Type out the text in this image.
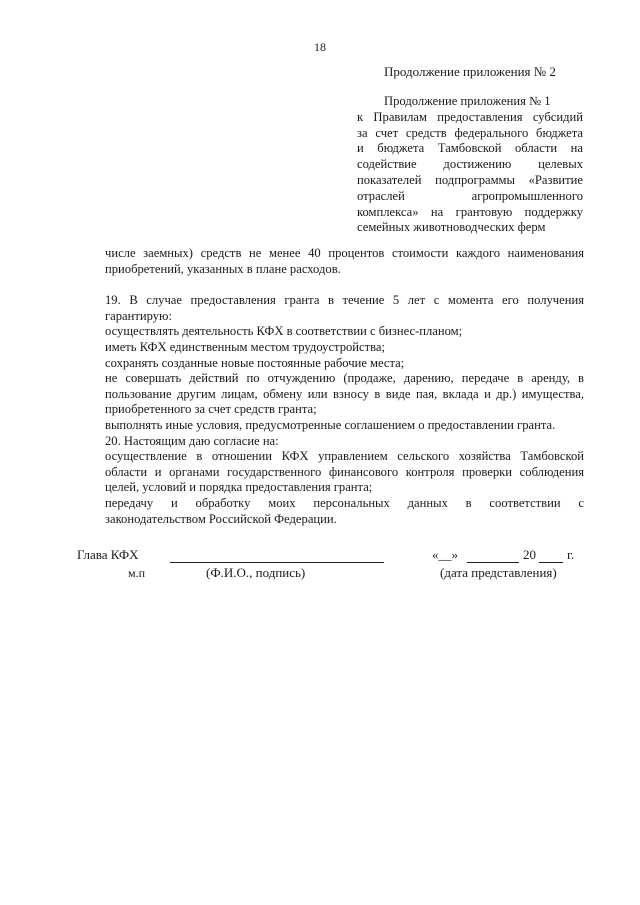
18
Продолжение приложения № 2
Продолжение приложения № 1
к Правилам предоставления субсидий
за счет средств федерального бюджета
и бюджета Тамбовской области на
содействие достижению целевых
показателей подпрограммы «Развитие
отраслей агропромышленного
комплекса» на грантовую поддержку
семейных животноводческих ферм
числе заемных) средств не менее 40 процентов стоимости каждого наименования
приобретений, указанных в плане расходов.
19. В случае предоставления гранта в течение 5 лет с момента его получения
гарантирую:
осуществлять деятельность КФХ в соответствии с бизнес-планом;
иметь КФХ единственным местом трудоустройства;
сохранять созданные новые постоянные рабочие места;
не совершать действий по отчуждению (продаже, дарению, передаче в аренду, в
пользование другим лицам, обмену или взносу в виде пая, вклада и др.) имущества,
приобретенного за счет средств гранта;
выполнять иные условия, предусмотренные соглашением о предоставлении гранта.
20. Настоящим даю согласие на:
осуществление в отношении КФХ управлением сельского хозяйства Тамбовской
области и органами государственного финансового контроля проверки соблюдения
целей, условий и порядка предоставления гранта;
передачу и обработку моих персональных данных в соответствии с
законодательством Российской Федерации.
Глава КФХ
м.п	(Ф.И.О., подпись)
«__»	20 г.
(дата представления)
